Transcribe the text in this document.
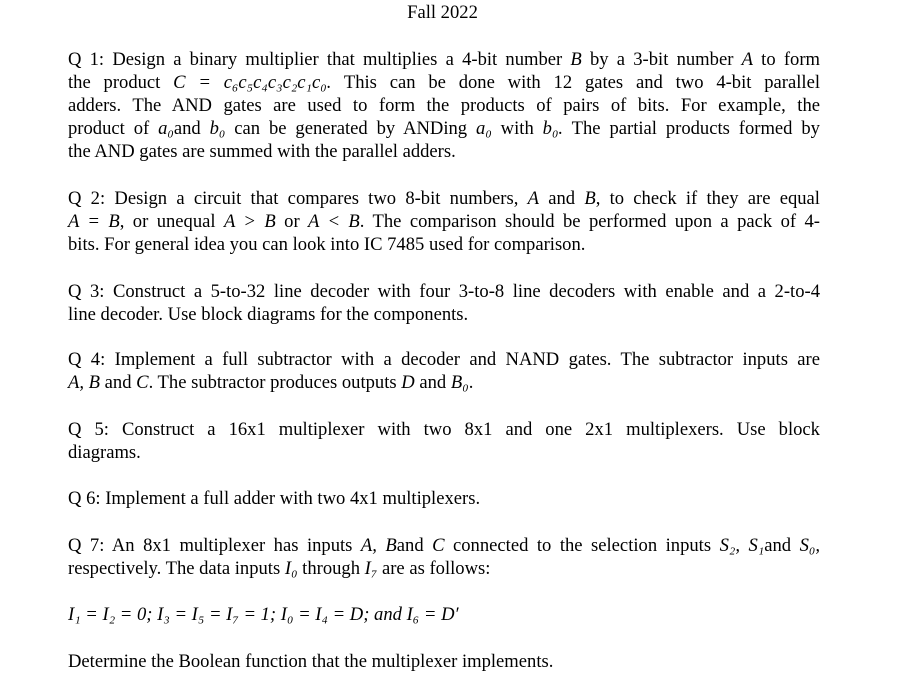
Fall 2022
Q 1: Design a binary multiplier that multiplies a 4-bit number B by a 3-bit number A to form
the product C = c₆c₅c₄c₃c₂c₁c₀. This can be done with 12 gates and two 4-bit parallel
adders. The AND gates are used to form the products of pairs of bits. For example, the
product of a₀and b₀ can be generated by ANDing a₀ with b₀. The partial products formed by
the AND gates are summed with the parallel adders.
Q 2: Design a circuit that compares two 8-bit numbers, A and B, to check if they are equal
A = B, or unequal A > B or A < B. The comparison should be performed upon a pack of 4-
bits. For general idea you can look into IC 7485 used for comparison.
Q 3: Construct a 5-to-32 line decoder with four 3-to-8 line decoders with enable and a 2-to-4
line decoder. Use block diagrams for the components.
Q 4: Implement a full subtractor with a decoder and NAND gates. The subtractor inputs are
A, B and C. The subtractor produces outputs D and B₀.
Q 5: Construct a 16x1 multiplexer with two 8x1 and one 2x1 multiplexers. Use block
diagrams.
Q 6: Implement a full adder with two 4x1 multiplexers.
Q 7: An 8x1 multiplexer has inputs A, Band C connected to the selection inputs S₂, S₁and S₀,
respectively. The data inputs I₀ through I₇ are as follows:
I₁ = I₂ = 0; I₃ = I₅ = I₇ = 1; I₀ = I₄ = D; and I₆ = D′
Determine the Boolean function that the multiplexer implements.
